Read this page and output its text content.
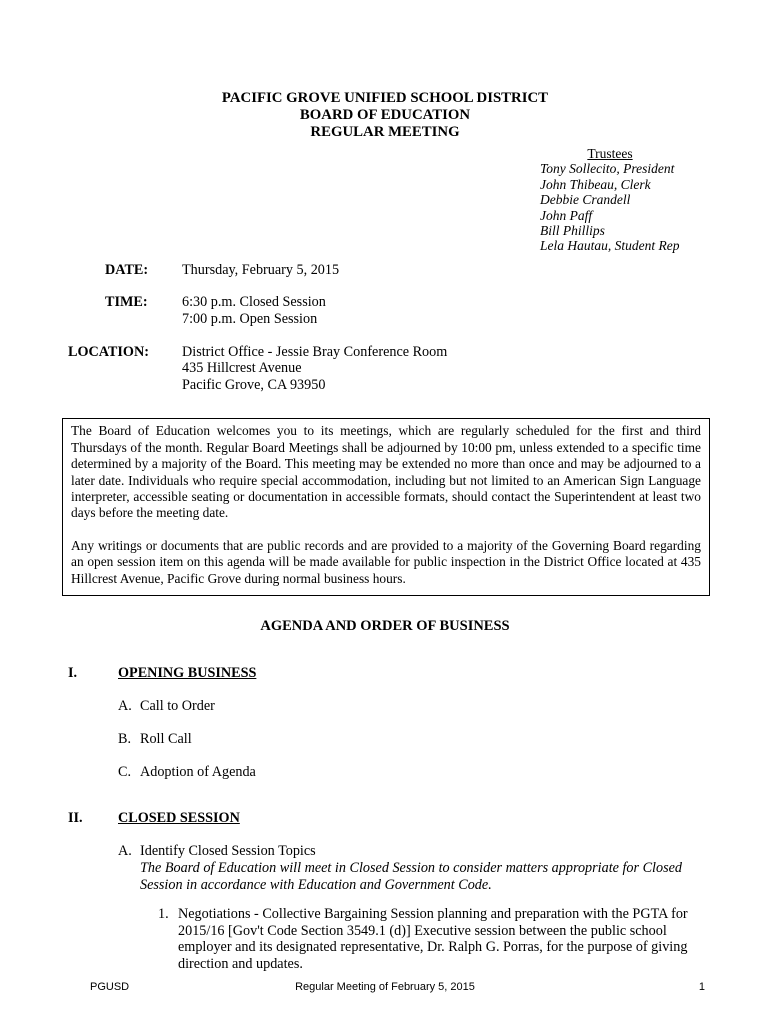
PACIFIC GROVE UNIFIED SCHOOL DISTRICT
BOARD OF EDUCATION
REGULAR MEETING
Trustees
Tony Sollecito, President
John Thibeau, Clerk
Debbie Crandell
John Paff
Bill Phillips
Lela Hautau, Student Rep
DATE:	Thursday, February 5, 2015
TIME:	6:30 p.m. Closed Session
7:00 p.m. Open Session
LOCATION:	District Office - Jessie Bray Conference Room
435 Hillcrest Avenue
Pacific Grove, CA 93950

The Board of Education welcomes you to its meetings, which are regularly scheduled for the first and third Thursdays of the month. Regular Board Meetings shall be adjourned by 10:00 pm, unless extended to a specific time determined by a majority of the Board. This meeting may be extended no more than once and may be adjourned to a later date. Individuals who require special accommodation, including but not limited to an American Sign Language interpreter, accessible seating or documentation in accessible formats, should contact the Superintendent at least two days before the meeting date.

Any writings or documents that are public records and are provided to a majority of the Governing Board regarding an open session item on this agenda will be made available for public inspection in the District Office located at 435 Hillcrest Avenue, Pacific Grove during normal business hours.

AGENDA AND ORDER OF BUSINESS
I.	OPENING BUSINESS
A. Call to Order
B. Roll Call
C. Adoption of Agenda
II.	CLOSED SESSION
A. Identify Closed Session Topics
The Board of Education will meet in Closed Session to consider matters appropriate for Closed Session in accordance with Education and Government Code.
1. Negotiations - Collective Bargaining Session planning and preparation with the PGTA for 2015/16 [Gov't Code Section 3549.1 (d)] Executive session between the public school employer and its designated representative, Dr. Ralph G. Porras, for the purpose of giving direction and updates.
PGUSD	Regular Meeting of February 5, 2015	1
